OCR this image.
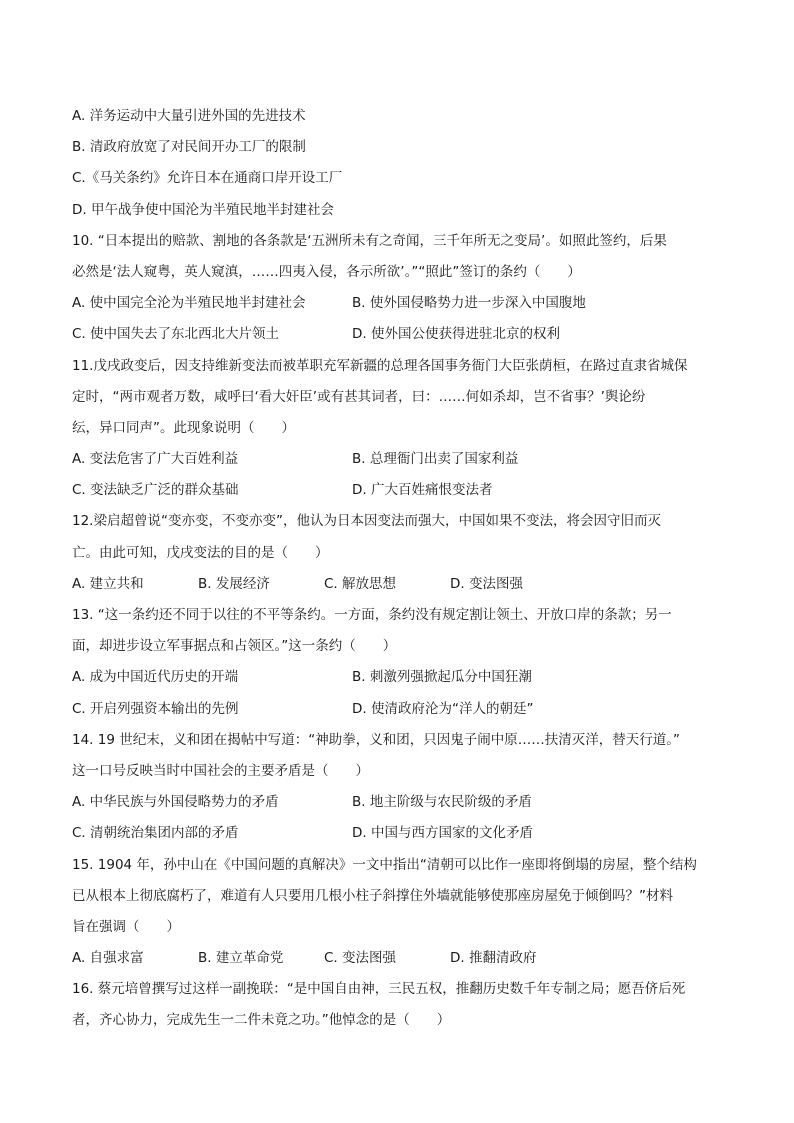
A. 洋务运动中大量引进外国的先进技术
B. 清政府放宽了对民间开办工厂的限制
C.《马关条约》允许日本在通商口岸开设工厂
D. 甲午战争使中国沦为半殖民地半封建社会
10. “日本提出的赔款、割地的各条款是‘五洲所未有之奇闻，三千年所无之变局’。如照此签约，后果
必然是‘法人窥粤，英人窥滇，……四夷入侵，各示所欲’。”“照此”签订的条约（　　）
A. 使中国完全沦为半殖民地半封建社会	B. 使外国侵略势力进一步深入中国腹地
C. 使中国失去了东北西北大片领土	D. 使外国公使获得进驻北京的权利
11.戊戌政变后，因支持维新变法而被革职充军新疆的总理各国事务衙门大臣张荫桓，在路过直隶省城保
定时，“两市观者万数，咸呼曰‘看大奸臣’或有甚其词者，曰：……何如杀却，岂不省事？’舆论纷
纭，异口同声”。此现象说明（　　）
A. 变法危害了广大百姓利益	B. 总理衙门出卖了国家利益
C. 变法缺乏广泛的群众基础	D. 广大百姓痛恨变法者
12.梁启超曾说“变亦变，不变亦变”，他认为日本因变法而强大，中国如果不变法，将会因守旧而灭
亡。由此可知，戊戌变法的目的是（　　）
A. 建立共和	B. 发展经济	C. 解放思想	D. 变法图强
13. “这一条约还不同于以往的不平等条约。一方面，条约没有规定割让领土、开放口岸的条款；另一
面，却进步设立军事据点和占领区。”这一条约（　　）
A. 成为中国近代历史的开端	B. 刺激列强掀起瓜分中国狂潮
C. 开启列强资本输出的先例	D. 使清政府沦为“洋人的朝廷”
14. 19 世纪末，义和团在揭帖中写道：“神助拳，义和团，只因鬼子闹中原……扶清灭洋，替天行道。”
这一口号反映当时中国社会的主要矛盾是（　　）
A. 中华民族与外国侵略势力的矛盾	B. 地主阶级与农民阶级的矛盾
C. 清朝统治集团内部的矛盾	D. 中国与西方国家的文化矛盾
15. 1904 年，孙中山在《中国问题的真解决》一文中指出“清朝可以比作一座即将倒塌的房屋，整个结构
已从根本上彻底腐朽了，难道有人只要用几根小柱子斜撑住外墙就能够使那座房屋免于倾倒吗？”材料
旨在强调（　　）
A. 自强求富	B. 建立革命党	C. 变法图强	D. 推翻清政府
16. 蔡元培曾撰写过这样一副挽联：“是中国自由神，三民五权，推翻历史数千年专制之局；愿吾侪后死
者，齐心协力，完成先生一二件未竟之功。”他悼念的是（　　）
